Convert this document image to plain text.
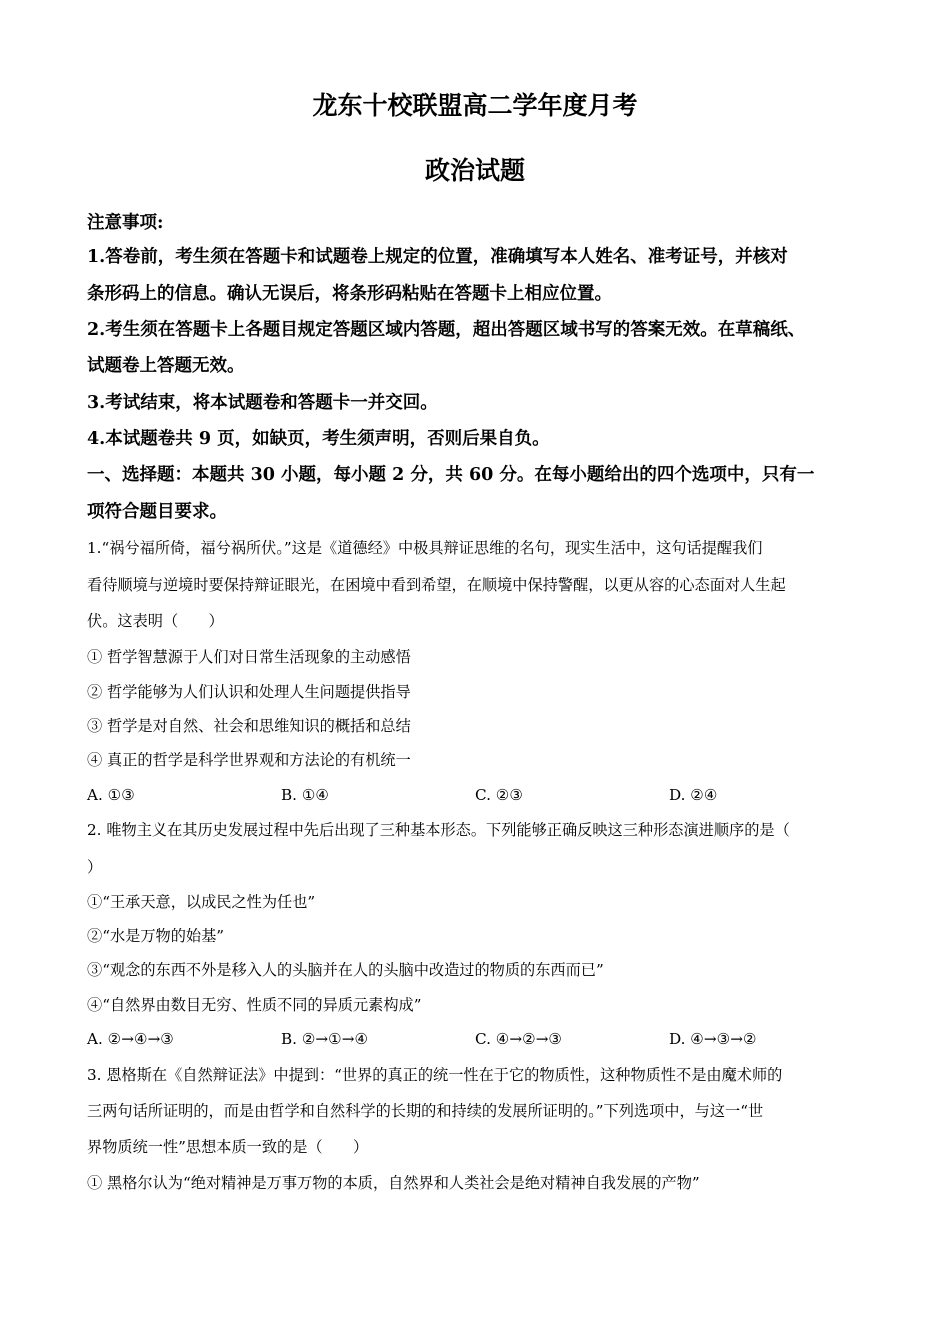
龙东十校联盟高二学年度月考
政治试题
注意事项:
1.答卷前，考生须在答题卡和试题卷上规定的位置，准确填写本人姓名、准考证号，并核对
条形码上的信息。确认无误后，将条形码粘贴在答题卡上相应位置。
2.考生须在答题卡上各题目规定答题区域内答题，超出答题区域书写的答案无效。在草稿纸、
试题卷上答题无效。
3.考试结束，将本试题卷和答题卡一并交回。
4.本试题卷共 9 页，如缺页，考生须声明，否则后果自负。
一、选择题：本题共 30 小题，每小题 2 分，共 60 分。在每小题给出的四个选项中，只有一
项符合题目要求。
1.“祸兮福所倚，福兮祸所伏。”这是《道德经》中极具辩证思维的名句，现实生活中，这句话提醒我们
看待顺境与逆境时要保持辩证眼光，在困境中看到希望，在顺境中保持警醒，以更从容的心态面对人生起
伏。这表明（　　）
① 哲学智慧源于人们对日常生活现象的主动感悟
② 哲学能够为人们认识和处理人生问题提供指导
③ 哲学是对自然、社会和思维知识的概括和总结
④ 真正的哲学是科学世界观和方法论的有机统一
A. ①③	B. ①④	C. ②③	D. ②④
2. 唯物主义在其历史发展过程中先后出现了三种基本形态。下列能够正确反映这三种形态演进顺序的是（
）
①“王承天意，以成民之性为任也”
②“水是万物的始基”
③“观念的东西不外是移入人的头脑并在人的头脑中改造过的物质的东西而已”
④“自然界由数目无穷、性质不同的异质元素构成”
A. ②→④→③	B. ②→①→④	C. ④→②→③	D. ④→③→②
3. 恩格斯在《自然辩证法》中提到：“世界的真正的统一性在于它的物质性，这种物质性不是由魔术师的
三两句话所证明的，而是由哲学和自然科学的长期的和持续的发展所证明的。”下列选项中，与这一“世
界物质统一性”思想本质一致的是（　　）
① 黑格尔认为“绝对精神是万事万物的本质，自然界和人类社会是绝对精神自我发展的产物”
